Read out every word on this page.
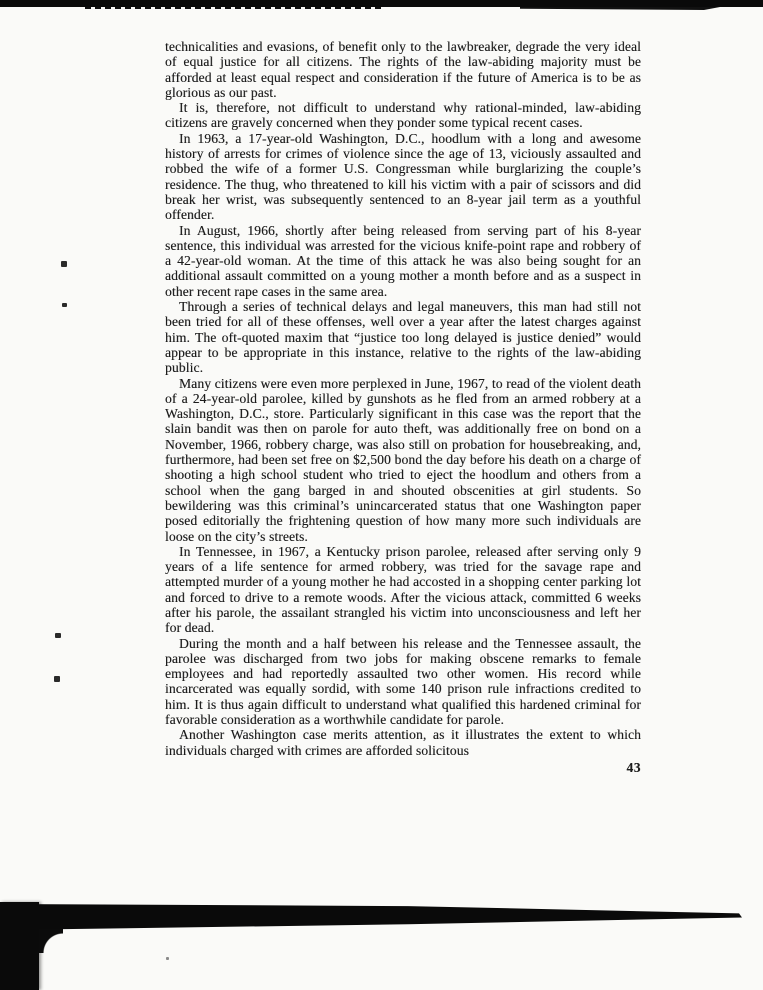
technicalities and evasions, of benefit only to the lawbreaker, degrade the very ideal of equal justice for all citizens. The rights of the law-abiding majority must be afforded at least equal respect and consideration if the future of America is to be as glorious as our past.

It is, therefore, not difficult to understand why rational-minded, law-abiding citizens are gravely concerned when they ponder some typical recent cases.

In 1963, a 17-year-old Washington, D.C., hoodlum with a long and awesome history of arrests for crimes of violence since the age of 13, viciously assaulted and robbed the wife of a former U.S. Congressman while burglarizing the couple’s residence. The thug, who threatened to kill his victim with a pair of scissors and did break her wrist, was subsequently sentenced to an 8-year jail term as a youthful offender.

In August, 1966, shortly after being released from serving part of his 8-year sentence, this individual was arrested for the vicious knife-point rape and robbery of a 42-year-old woman. At the time of this attack he was also being sought for an additional assault committed on a young mother a month before and as a suspect in other recent rape cases in the same area.

Through a series of technical delays and legal maneuvers, this man had still not been tried for all of these offenses, well over a year after the latest charges against him. The oft-quoted maxim that “justice too long delayed is justice denied” would appear to be appropriate in this instance, relative to the rights of the law-abiding public.

Many citizens were even more perplexed in June, 1967, to read of the violent death of a 24-year-old parolee, killed by gunshots as he fled from an armed robbery at a Washington, D.C., store. Particularly significant in this case was the report that the slain bandit was then on parole for auto theft, was additionally free on bond on a November, 1966, robbery charge, was also still on probation for housebreaking, and, furthermore, had been set free on $2,500 bond the day before his death on a charge of shooting a high school student who tried to eject the hoodlum and others from a school when the gang barged in and shouted obscenities at girl students. So bewildering was this criminal’s unincarcerated status that one Washington paper posed editorially the frightening question of how many more such individuals are loose on the city’s streets.

In Tennessee, in 1967, a Kentucky prison parolee, released after serving only 9 years of a life sentence for armed robbery, was tried for the savage rape and attempted murder of a young mother he had accosted in a shopping center parking lot and forced to drive to a remote woods. After the vicious attack, committed 6 weeks after his parole, the assailant strangled his victim into unconsciousness and left her for dead.

During the month and a half between his release and the Tennessee assault, the parolee was discharged from two jobs for making obscene remarks to female employees and had reportedly assaulted two other women. His record while incarcerated was equally sordid, with some 140 prison rule infractions credited to him. It is thus again difficult to understand what qualified this hardened criminal for favorable consideration as a worthwhile candidate for parole.

Another Washington case merits attention, as it illustrates the extent to which individuals charged with crimes are afforded solicitous

43
